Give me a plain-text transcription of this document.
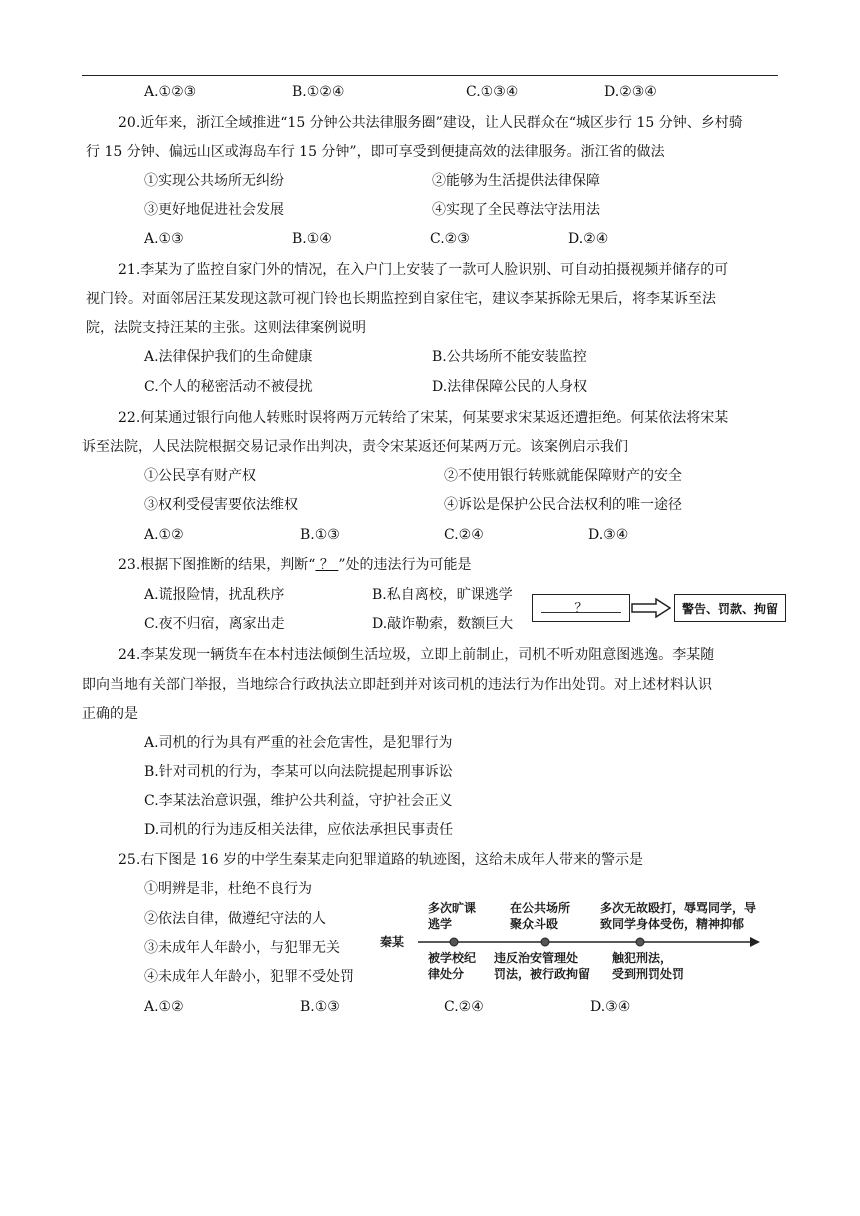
A.①②③	B.①②④	C.①③④	D.②③④
20.近年来，浙江全域推进“15 分钟公共法律服务圈”建设，让人民群众在“城区步行 15 分钟、乡村骑
行 15 分钟、偏远山区或海岛车行 15 分钟”，即可享受到便捷高效的法律服务。浙江省的做法
①实现公共场所无纠纷	②能够为生活提供法律保障
③更好地促进社会发展	④实现了全民尊法守法用法
A.①③	B.①④	C.②③	D.②④
21.李某为了监控自家门外的情况，在入户门上安装了一款可人脸识别、可自动拍摄视频并储存的可
视门铃。对面邻居汪某发现这款可视门铃也长期监控到自家住宅，建议李某拆除无果后，将李某诉至法
院，法院支持汪某的主张。这则法律案例说明
A.法律保护我们的生命健康	B.公共场所不能安装监控
C.个人的秘密活动不被侵扰	D.法律保障公民的人身权
22.何某通过银行向他人转账时误将两万元转给了宋某，何某要求宋某返还遭拒绝。何某依法将宋某
诉至法院，人民法院根据交易记录作出判决，责令宋某返还何某两万元。该案例启示我们
①公民享有财产权	②不使用银行转账就能保障财产的安全
③权利受侵害要依法维权	④诉讼是保护公民合法权利的唯一途径
A.①②	B.①③	C.②④	D.③④
23.根据下图推断的结果，判断“ ？ ”处的违法行为可能是
A.谎报险情，扰乱秩序	B.私自离校，旷课逃学
C.夜不归宿，离家出走	D.敲诈勒索，数额巨大
？	警告、罚款、拘留
24.李某发现一辆货车在本村违法倾倒生活垃圾，立即上前制止，司机不听劝阻意图逃逸。李某随
即向当地有关部门举报，当地综合行政执法立即赶到并对该司机的违法行为作出处罚。对上述材料认识
正确的是
A.司机的行为具有严重的社会危害性，是犯罪行为
B.针对司机的行为，李某可以向法院提起刑事诉讼
C.李某法治意识强，维护公共利益，守护社会正义
D.司机的行为违反相关法律，应依法承担民事责任
25.右下图是 16 岁的中学生秦某走向犯罪道路的轨迹图，这给未成年人带来的警示是
①明辨是非，杜绝不良行为
②依法自律，做遵纪守法的人
③未成年人年龄小，与犯罪无关
④未成年人年龄小，犯罪不受处罚
A.①②	B.①③	C.②④	D.③④
秦某
多次旷课
逃学
在公共场所
聚众斗殴
多次无故殴打，辱骂同学，导
致同学身体受伤，精神抑郁
被学校纪
律处分
违反治安管理处
罚法，被行政拘留
触犯刑法，
受到刑罚处罚
